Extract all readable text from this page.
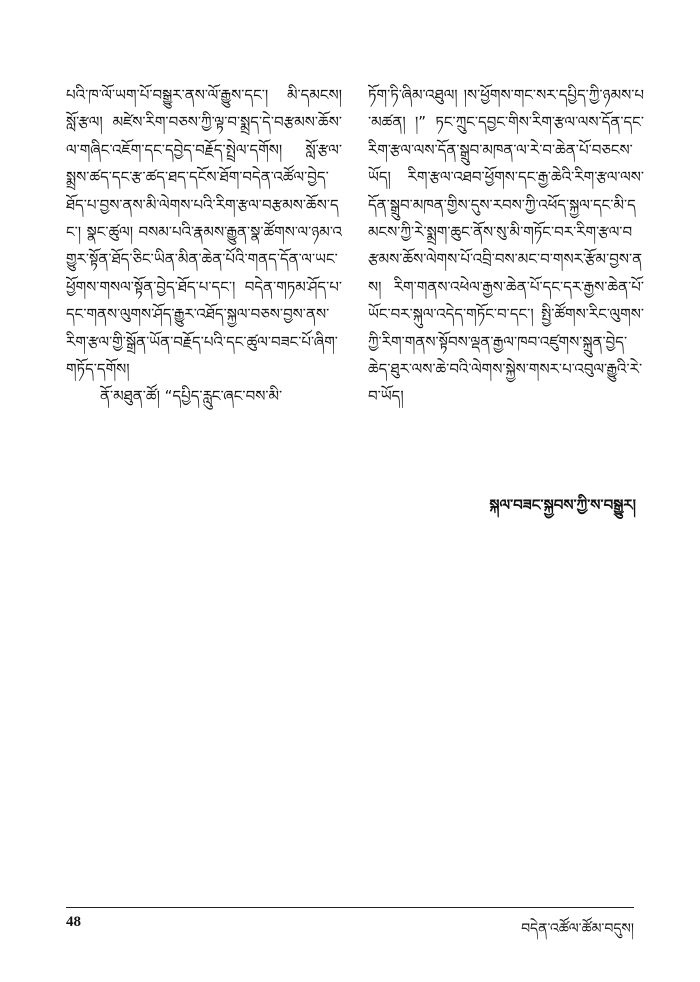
པའི་ཁ་ལོ་ཡག་པོ་བསྒྱུར་ནས་ལོ་རྒྱུས་དང་། མི་དམངས། སློ་རྩལ། མཛེས་རིག་བཅས་ཀྱི་ལྟ་བ་སྨྲད་དེ་བརྩམས་ཆོས་ལ་གཞིང་འཇོག་དང་དབྱེད་བརྗོད་སྤྲེལ་དགོས། སློ་རྩལ་སྨྲས་ཚད་དང་རྩ་ཚད་ཐད་དངོས་ཐོག་བདེན་འཚོལ་བྱེད་ཐོད་པ་བྱས་ནས་མི་ལེགས་པའི་རིག་རྩལ་བརྩམས་ཆོས་དང་། སྣང་ཚུལ། བསམ་པའི་རྣམས་རྒྱུན་སྣ་ཚོགས་ལ་ཉམ་འགྱུར་སྟོན་ཐོད་ཅིང་ཡིན་མིན་ཆེན་པོའི་གནད་དོན་ལ་ཡང་ཕྱོགས་གསལ་སྟོན་བྱེད་ཐོད་པ་དང་། བདེན་གཏམ་ཤོད་པ་དང་གནས་ལུགས་ཤོད་རྒྱུར་འཐོད་སྐྱལ་བཅས་བྱས་ནས་རིག་རྩལ་གྱི་སྒྲོན་ཡོན་བརྗོད་པའི་དང་ཚུལ་བཟང་པོ་ཞིག་གཏོད་དགོས།

ནོ་མཐུན་ཚོ། “དཔྱིད་རླུང་ཞང་བས་མི་

ཏོག་ཏི་ཞིམ་འཐུལ། །ས་ཕྱོགས་གང་སར་དཔྱིད་ཀྱི་ཉམས་པ་མཚན། །” ཏང་ཀྲུང་དབྱང་གིས་རིག་རྩལ་ལས་དོན་དང་རིག་རྩལ་ལས་དོན་སྒྲུབ་མཁན་ལ་རེ་བ་ཆེན་པོ་བཅངས་ཡོད། རིག་རྩལ་འཐབ་ཕྱོགས་དང་རྒྱ་ཆེའི་རིག་རྩལ་ལས་དོན་སྒྲུབ་མཁན་གྱིས་དུས་རབས་ཀྱི་འཕོད་སྐྱལ་དང་མི་དམངས་ཀྱི་རེ་སྨྲག་ཆུང་ནོས་སུ་མི་གཏོང་བར་རིག་རྩལ་བརྩམས་ཆོས་ལེགས་པོ་འབྲི་བས་མང་བ་གསར་རྩོམ་བྱས་ནས། རིག་གནས་འཕེལ་རྒྱས་ཆེན་པོ་དང་དར་རྒྱས་ཆེན་པོ་ཡོང་བར་སྐུལ་འདེད་གཏོང་བ་དང་། སྤྱི་ཚོགས་རིང་ལུགས་ཀྱི་རིག་གནས་སྟོབས་ལྡན་རྒྱལ་ཁབ་འཛུགས་སྐྲུན་བྱེད་ཆེད་ཐུར་ལས་ཆེ་བའི་ལེགས་སྐྱེས་གསར་པ་འབུལ་རྒྱུའི་རེ་བ་ཡོད།

སྐལ་བཟང་སྐྱབས་ཀྱི་ས་བསྒྱུར།
48	བདེན་འཚོལ་ཚོམ་བདུས།
